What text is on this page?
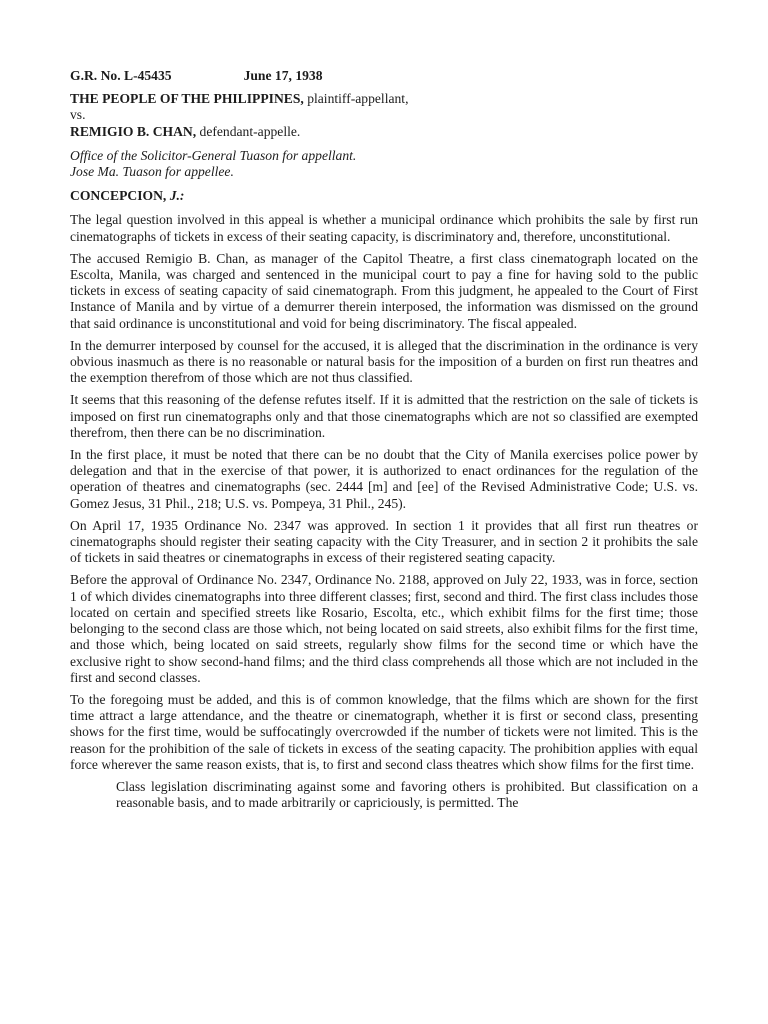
G.R. No. L-45435	June 17, 1938

THE PEOPLE OF THE PHILIPPINES, plaintiff-appellant,

vs.

REMIGIO B. CHAN, defendant-appelle.

Office of the Solicitor-General Tuason for appellant.
Jose Ma. Tuason for appellee.
CONCEPCION, J.:

The legal question involved in this appeal is whether a municipal ordinance which prohibits the sale by first run cinematographs of tickets in excess of their seating capacity, is discriminatory and, therefore, unconstitutional.

The accused Remigio B. Chan, as manager of the Capitol Theatre, a first class cinematograph located on the Escolta, Manila, was charged and sentenced in the municipal court to pay a fine for having sold to the public tickets in excess of seating capacity of said cinematograph. From this judgment, he appealed to the Court of First Instance of Manila and by virtue of a demurrer therein interposed, the information was dismissed on the ground that said ordinance is unconstitutional and void for being discriminatory. The fiscal appealed.

In the demurrer interposed by counsel for the accused, it is alleged that the discrimination in the ordinance is very obvious inasmuch as there is no reasonable or natural basis for the imposition of a burden on first run theatres and the exemption therefrom of those which are not thus classified.

It seems that this reasoning of the defense refutes itself. If it is admitted that the restriction on the sale of tickets is imposed on first run cinematographs only and that those cinematographs which are not so classified are exempted therefrom, then there can be no discrimination.

In the first place, it must be noted that there can be no doubt that the City of Manila exercises police power by delegation and that in the exercise of that power, it is authorized to enact ordinances for the regulation of the operation of theatres and cinematographs (sec. 2444 [m] and [ee] of the Revised Administrative Code; U.S. vs. Gomez Jesus, 31 Phil., 218; U.S. vs. Pompeya, 31 Phil., 245).

On April 17, 1935 Ordinance No. 2347 was approved. In section 1 it provides that all first run theatres or cinematographs should register their seating capacity with the City Treasurer, and in section 2 it prohibits the sale of tickets in said theatres or cinematographs in excess of their registered seating capacity.

Before the approval of Ordinance No. 2347, Ordinance No. 2188, approved on July 22, 1933, was in force, section 1 of which divides cinematographs into three different classes; first, second and third. The first class includes those located on certain and specified streets like Rosario, Escolta, etc., which exhibit films for the first time; those belonging to the second class are those which, not being located on said streets, also exhibit films for the first time, and those which, being located on said streets, regularly show films for the second time or which have the exclusive right to show second-hand films; and the third class comprehends all those which are not included in the first and second classes.

To the foregoing must be added, and this is of common knowledge, that the films which are shown for the first time attract a large attendance, and the theatre or cinematograph, whether it is first or second class, presenting shows for the first time, would be suffocatingly overcrowded if the number of tickets were not limited. This is the reason for the prohibition of the sale of tickets in excess of the seating capacity. The prohibition applies with equal force wherever the same reason exists, that is, to first and second class theatres which show films for the first time.

Class legislation discriminating against some and favoring others is prohibited. But classification on a reasonable basis, and to made arbitrarily or capriciously, is permitted. The
